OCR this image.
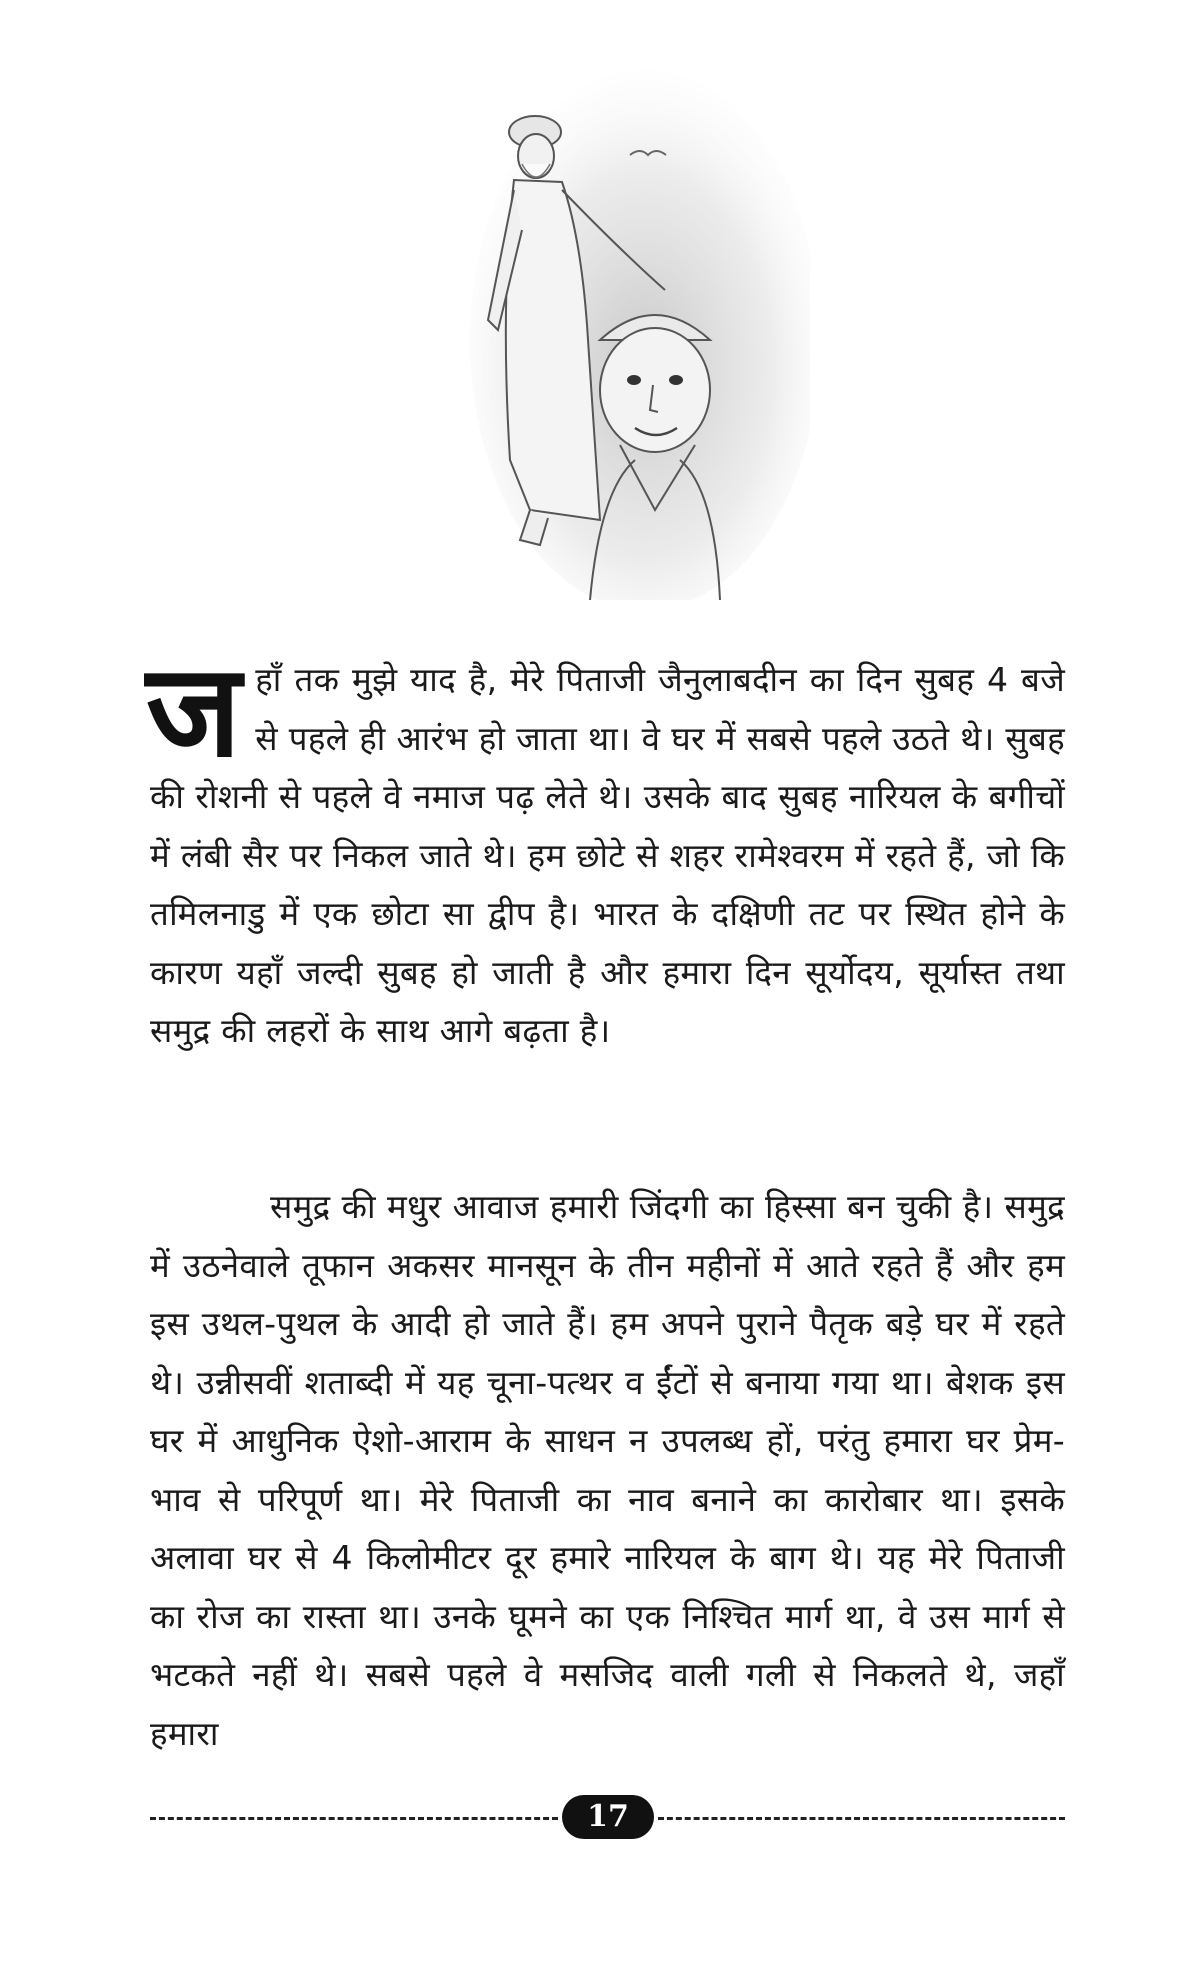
जहाँ तक मुझे याद है, मेरे पिताजी जैनुलाबदीन का दिन सुबह 4 बजे से पहले ही आरंभ हो जाता था। वे घर में सबसे पहले उठते थे। सुबह की रोशनी से पहले वे नमाज पढ़ लेते थे। उसके बाद सुबह नारियल के बगीचों में लंबी सैर पर निकल जाते थे। हम छोटे से शहर रामेश्वरम में रहते हैं, जो कि तमिलनाडु में एक छोटा सा द्वीप है। भारत के दक्षिणी तट पर स्थित होने के कारण यहाँ जल्दी सुबह हो जाती है और हमारा दिन सूर्योदय, सूर्यास्त तथा समुद्र की लहरों के साथ आगे बढ़ता है।
समुद्र की मधुर आवाज हमारी जिंदगी का हिस्सा बन चुकी है। समुद्र में उठनेवाले तूफान अकसर मानसून के तीन महीनों में आते रहते हैं और हम इस उथल-पुथल के आदी हो जाते हैं। हम अपने पुराने पैतृक बड़े घर में रहते थे। उन्नीसवीं शताब्दी में यह चूना-पत्थर व ईंटों से बनाया गया था। बेशक इस घर में आधुनिक ऐशो-आराम के साधन न उपलब्ध हों, परंतु हमारा घर प्रेम-भाव से परिपूर्ण था। मेरे पिताजी का नाव बनाने का कारोबार था। इसके अलावा घर से 4 किलोमीटर दूर हमारे नारियल के बाग थे। यह मेरे पिताजी का रोज का रास्ता था। उनके घूमने का एक निश्चित मार्ग था, वे उस मार्ग से भटकते नहीं थे। सबसे पहले वे मसजिद वाली गली से निकलते थे, जहाँ हमारा
17
